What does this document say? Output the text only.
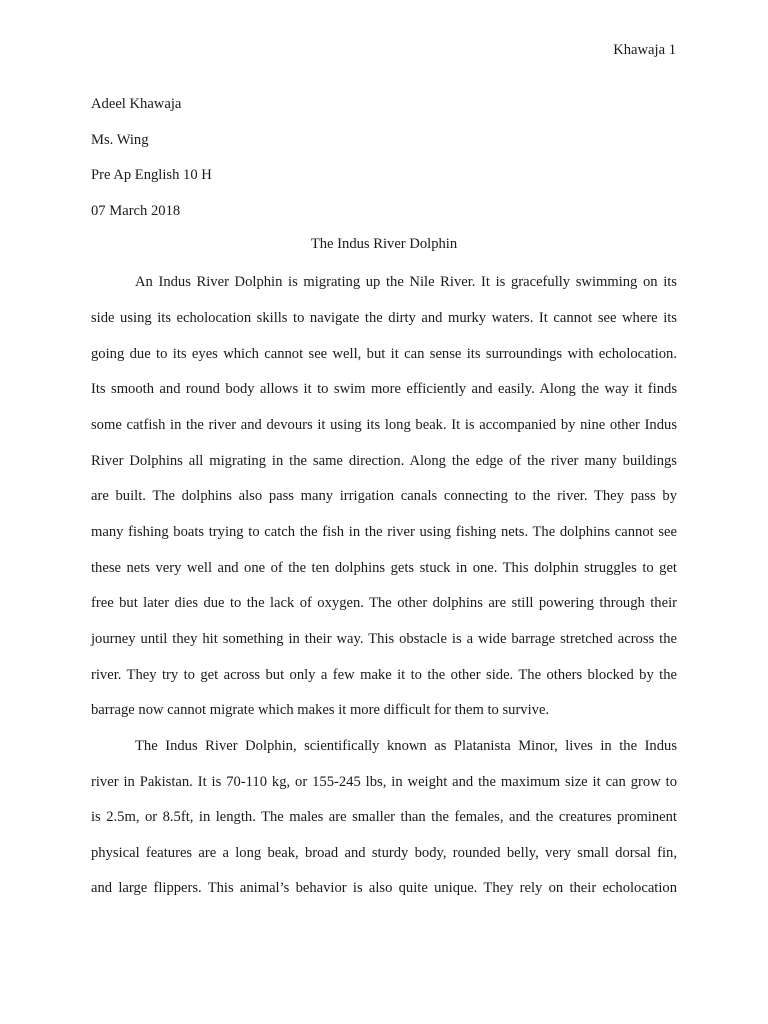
Khawaja 1
Adeel Khawaja
Ms. Wing
Pre Ap English 10 H
07 March 2018
The Indus River Dolphin
An Indus River Dolphin is migrating up the Nile River. It is gracefully swimming on its
side using its echolocation skills to navigate the dirty and murky waters. It cannot see where its
going due to its eyes which cannot see well, but it can sense its surroundings with echolocation.
Its smooth and round body allows it to swim more efficiently and easily. Along the way it finds
some catfish in the river and devours it using its long beak. It is accompanied by nine other Indus
River Dolphins all migrating in the same direction. Along the edge of the river many buildings
are built. The dolphins also pass many irrigation canals connecting to the river. They pass by
many fishing boats trying to catch the fish in the river using fishing nets. The dolphins cannot see
these nets very well and one of the ten dolphins gets stuck in one. This dolphin struggles to get
free but later dies due to the lack of oxygen. The other dolphins are still powering through their
journey until they hit something in their way. This obstacle is a wide barrage stretched across the
river. They try to get across but only a few make it to the other side. The others blocked by the
barrage now cannot migrate which makes it more difficult for them to survive.
The Indus River Dolphin, scientifically known as Platanista Minor, lives in the Indus
river in Pakistan. It is 70-110 kg, or 155-245 lbs, in weight and the maximum size it can grow to
is 2.5m, or 8.5ft, in length. The males are smaller than the females, and the creatures prominent
physical features are a long beak, broad and sturdy body, rounded belly, very small dorsal fin,
and large flippers. This animal’s behavior is also quite unique. They rely on their echolocation
